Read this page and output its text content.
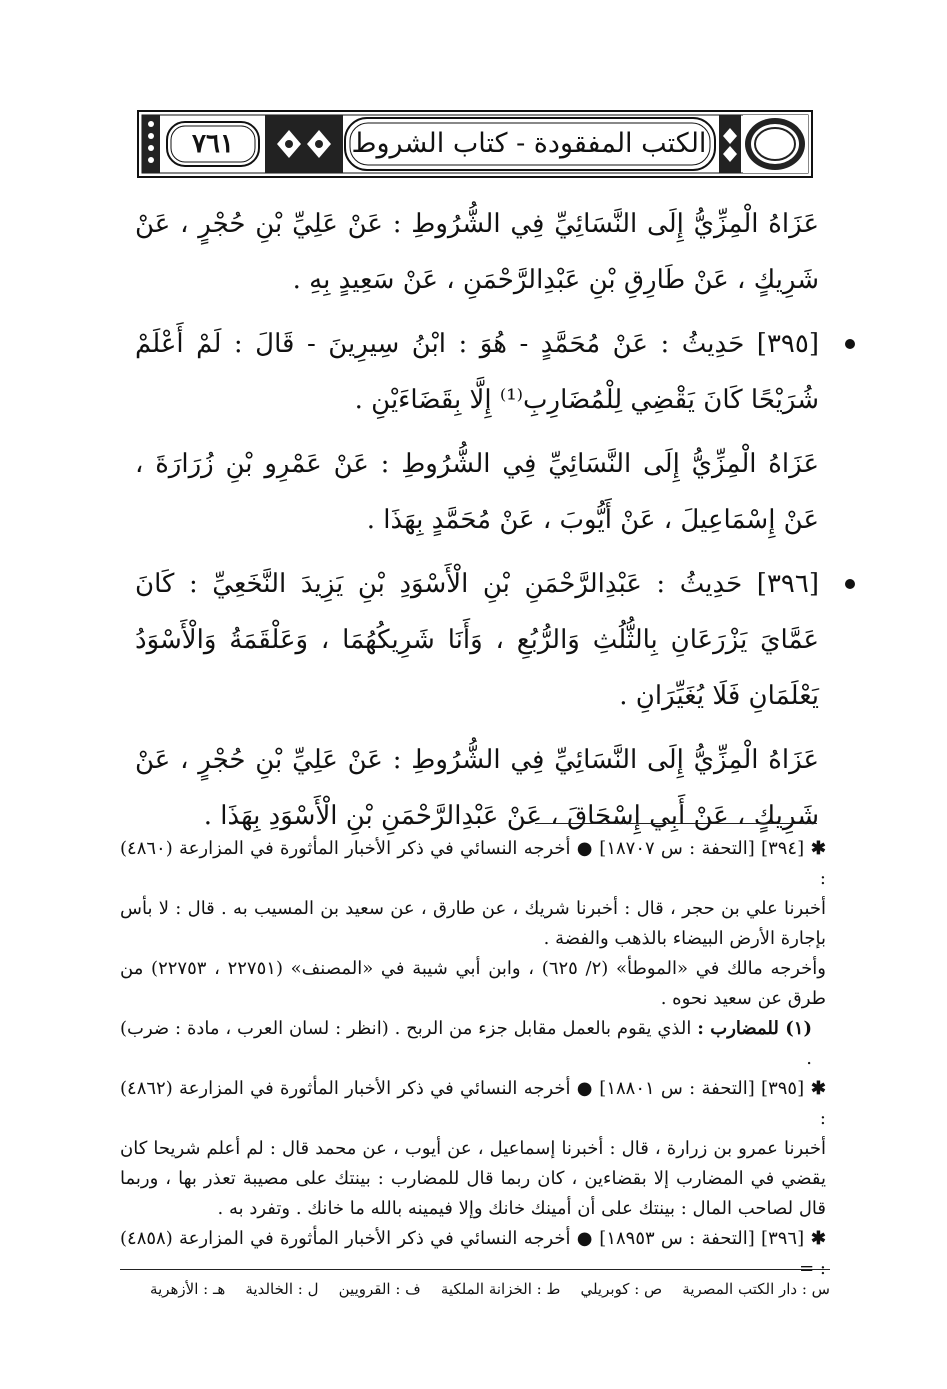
٧٦١	الكتب المفقودة - كتاب الشروط

عَزَاهُ الْمِزِّيُّ إِلَى النَّسَائِيِّ فِي الشُّرُوطِ : عَنْ عَلِيِّ بْنِ حُجْرٍ ، عَنْ شَرِيكٍ ، عَنْ طَارِقِ بْنِ عَبْدِالرَّحْمَنِ ، عَنْ سَعِيدٍ بِهِ .

[٣٩٥] حَدِيثُ : عَنْ مُحَمَّدٍ - هُوَ : ابْنُ سِيرِينَ - قَالَ : لَمْ أَعْلَمْ شُرَيْحًا كَانَ يَقْضِي لِلْمُضَارِبِ⁽¹⁾ إِلَّا بِقَضَاءَيْنِ .

عَزَاهُ الْمِزِّيُّ إِلَى النَّسَائِيِّ فِي الشُّرُوطِ : عَنْ عَمْرِو بْنِ زُرَارَةَ ، عَنْ إِسْمَاعِيلَ ، عَنْ أَيُّوبَ ، عَنْ مُحَمَّدٍ بِهَذَا .

[٣٩٦] حَدِيثُ : عَبْدِالرَّحْمَنِ بْنِ الْأَسْوَدِ بْنِ يَزِيدَ النَّخَعِيِّ : كَانَ عَمَّايَ يَزْرَعَانِ بِالثُّلُثِ وَالرُّبُعِ ، وَأَنَا شَرِيكُهُمَا ، وَعَلْقَمَةُ وَالْأَسْوَدُ يَعْلَمَانِ فَلَا يُغَيِّرَانِ .

عَزَاهُ الْمِزِّيُّ إِلَى النَّسَائِيِّ فِي الشُّرُوطِ : عَنْ عَلِيِّ بْنِ حُجْرٍ ، عَنْ شَرِيكٍ ، عَنْ أَبِي إِسْحَاقَ ، عَنْ عَبْدِالرَّحْمَنِ بْنِ الْأَسْوَدِ بِهَذَا .

✱ [٣٩٤] [التحفة : س ١٨٧٠٧] ● أخرجه النسائي في ذكر الأخبار المأثورة في المزارعة (٤٨٦٠) :

أخبرنا علي بن حجر ، قال : أخبرنا شريك ، عن طارق ، عن سعيد بن المسيب به . قال : لا بأس بإجارة الأرض البيضاء بالذهب والفضة .

وأخرجه مالك في «الموطأ» (٢/ ٦٢٥) ، وابن أبي شيبة في «المصنف» (٢٢٧٥١ ، ٢٢٧٥٣) من طرق عن سعيد نحوه .

(١) للمضارب : الذي يقوم بالعمل مقابل جزء من الربح . (انظر : لسان العرب ، مادة : ضرب) .

✱ [٣٩٥] [التحفة : س ١٨٨٠١] ● أخرجه النسائي في ذكر الأخبار المأثورة في المزارعة (٤٨٦٢) :

أخبرنا عمرو بن زرارة ، قال : أخبرنا إسماعيل ، عن أيوب ، عن محمد قال : لم أعلم شريحا كان يقضي في المضارب إلا بقضاءين ، كان ربما قال للمضارب : بينتك على مصيبة تعذر بها ، وربما قال لصاحب المال : بينتك على أن أمينك خانك وإلا فيمينه بالله ما خانك . وتفرد به .

✱ [٣٩٦] [التحفة : س ١٨٩٥٣] ● أخرجه النسائي في ذكر الأخبار المأثورة في المزارعة (٤٨٥٨) : =

س : دار الكتب المصرية
ص : كوبريلي
ط : الخزانة الملكية
ف : القرويين
ل : الخالدية
هـ : الأزهرية
